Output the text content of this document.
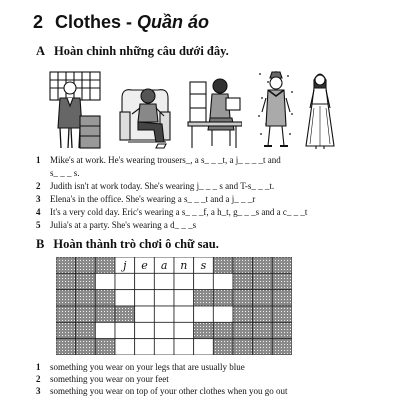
2 Clothes - Quần áo
A Hoàn chỉnh những câu dưới đây.
1 Mike's at work. He's wearing trousers_, a s_ _ _t, a j_ _ _ _t and
s_ _ _ s.
2 Judith isn't at work today. She's wearing j_ _ _ s and T-s_ _ _t.
3 Elena's in the office. She's wearing a s_ _ _t and a j_ _ _r
4 It's a very cold day. Eric's wearing a s_ _ _f, a h_t, g_ _ _s and a c_ _ _t
5 Julia's at a party. She's wearing a d_ _ _s
B Hoàn thành trò chơi ô chữ sau.
j e a n s
1 something you wear on your legs that are usually blue
2 something you wear on your feet
3 something you wear on top of your other clothes when you go out
